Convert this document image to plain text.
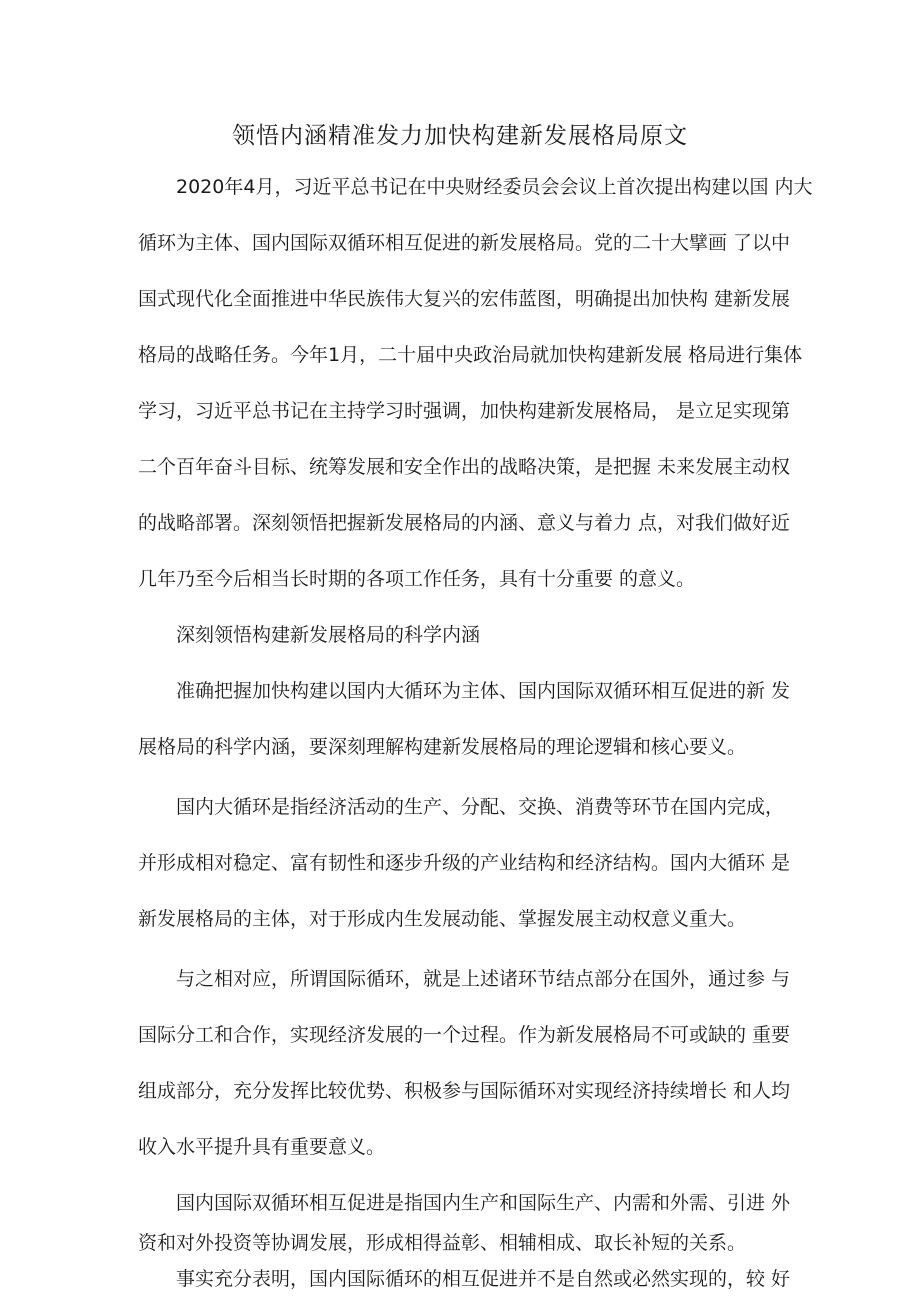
领悟内涵精准发力加快构建新发展格局原文
2020年4月，习近平总书记在中央财经委员会会议上首次提出构建以国 内大
循环为主体、国内国际双循环相互促进的新发展格局。党的二十大擘画 了以中
国式现代化全面推进中华民族伟大复兴的宏伟蓝图，明确提出加快构 建新发展
格局的战略任务。今年1月，二十届中央政治局就加快构建新发展 格局进行集体
学习，习近平总书记在主持学习时强调，加快构建新发展格局， 是立足实现第
二个百年奋斗目标、统筹发展和安全作出的战略决策，是把握 未来发展主动权
的战略部署。深刻领悟把握新发展格局的内涵、意义与着力 点，对我们做好近
几年乃至今后相当长时期的各项工作任务，具有十分重要 的意义。
深刻领悟构建新发展格局的科学内涵
准确把握加快构建以国内大循环为主体、国内国际双循环相互促进的新 发
展格局的科学内涵，要深刻理解构建新发展格局的理论逻辑和核心要义。
国内大循环是指经济活动的生产、分配、交换、消费等环节在国内完成，
并形成相对稳定、富有韧性和逐步升级的产业结构和经济结构。国内大循环 是
新发展格局的主体，对于形成内生发展动能、掌握发展主动权意义重大。
与之相对应，所谓国际循环，就是上述诸环节结点部分在国外，通过参 与
国际分工和合作，实现经济发展的一个过程。作为新发展格局不可或缺的 重要
组成部分，充分发挥比较优势、积极参与国际循环对实现经济持续增长 和人均
收入水平提升具有重要意义。
国内国际双循环相互促进是指国内生产和国际生产、内需和外需、引进 外
资和对外投资等协调发展，形成相得益彰、相辅相成、取长补短的关系。
事实充分表明，国内国际循环的相互促进并不是自然或必然实现的，较 好
